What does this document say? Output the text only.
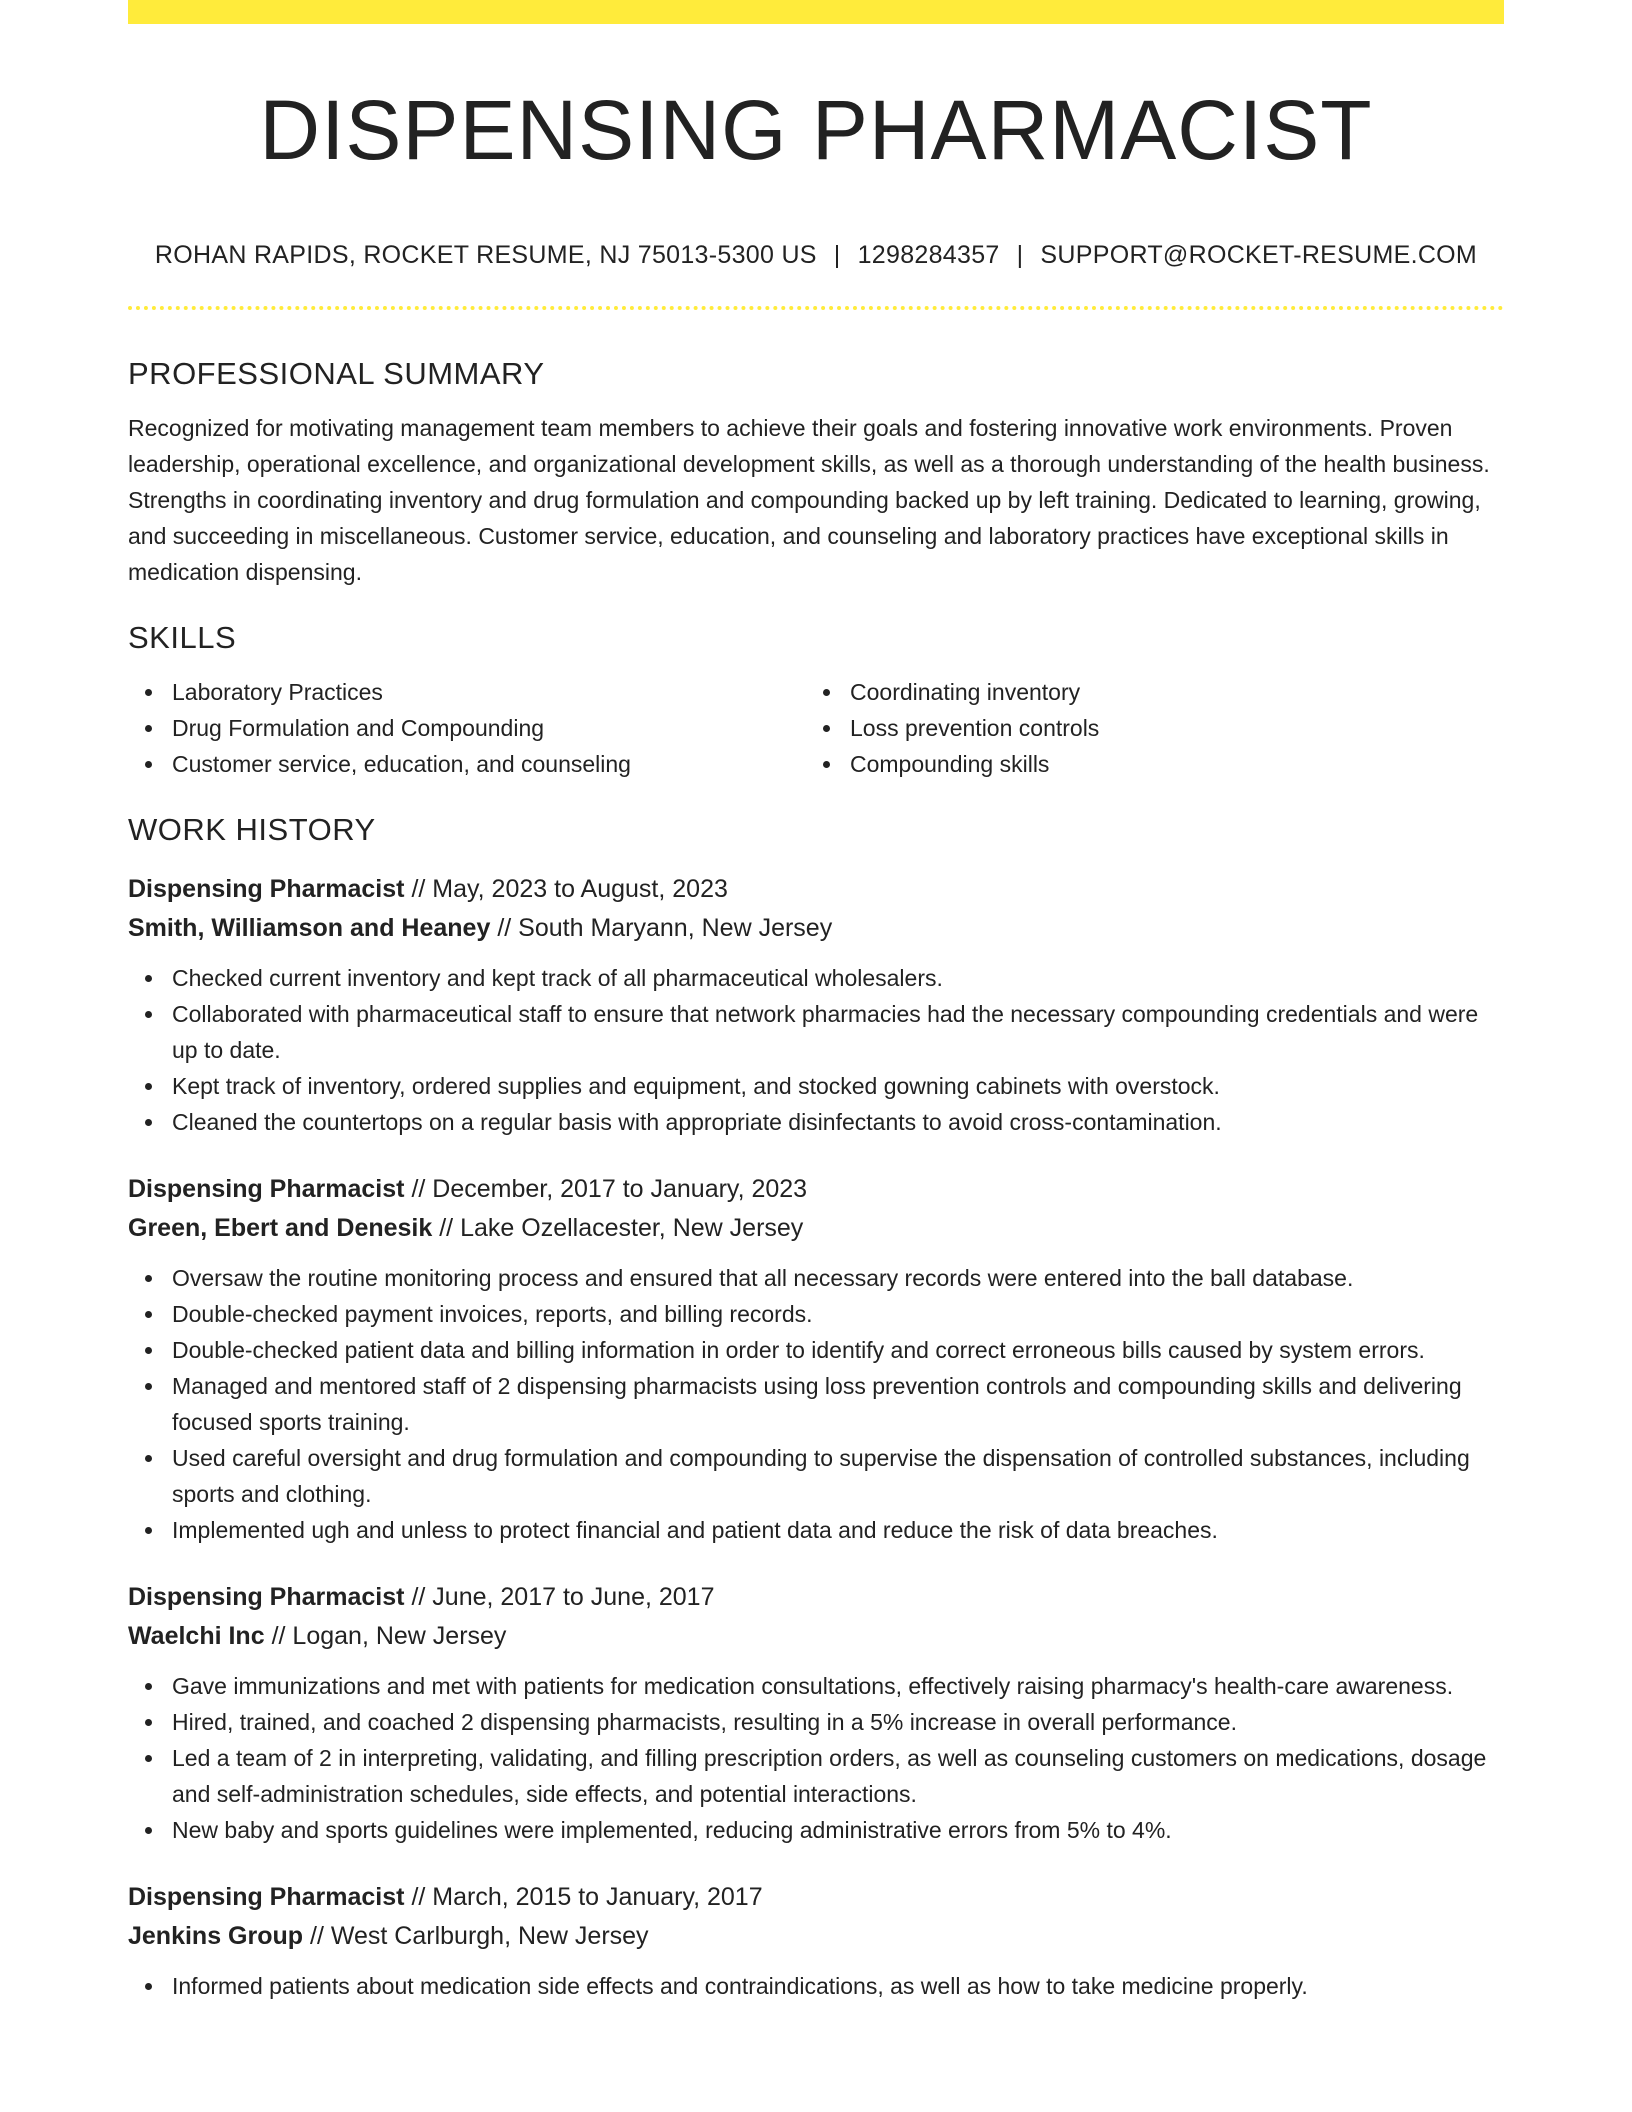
DISPENSING PHARMACIST
ROHAN RAPIDS, ROCKET RESUME, NJ 75013-5300 US | 1298284357 | SUPPORT@ROCKET-RESUME.COM
PROFESSIONAL SUMMARY

Recognized for motivating management team members to achieve their goals and fostering innovative work environments. Proven leadership, operational excellence, and organizational development skills, as well as a thorough understanding of the health business. Strengths in coordinating inventory and drug formulation and compounding backed up by left training. Dedicated to learning, growing, and succeeding in miscellaneous. Customer service, education, and counseling and laboratory practices have exceptional skills in medication dispensing.

SKILLS
Laboratory Practices
Drug Formulation and Compounding
Customer service, education, and counseling
Coordinating inventory
Loss prevention controls
Compounding skills
WORK HISTORY
Dispensing Pharmacist // May, 2023 to August, 2023
Smith, Williamson and Heaney // South Maryann, New Jersey
Checked current inventory and kept track of all pharmaceutical wholesalers.
Collaborated with pharmaceutical staff to ensure that network pharmacies had the necessary compounding credentials and were up to date.
Kept track of inventory, ordered supplies and equipment, and stocked gowning cabinets with overstock.
Cleaned the countertops on a regular basis with appropriate disinfectants to avoid cross-contamination.
Dispensing Pharmacist // December, 2017 to January, 2023
Green, Ebert and Denesik // Lake Ozellacester, New Jersey
Oversaw the routine monitoring process and ensured that all necessary records were entered into the ball database.
Double-checked payment invoices, reports, and billing records.
Double-checked patient data and billing information in order to identify and correct erroneous bills caused by system errors.
Managed and mentored staff of 2 dispensing pharmacists using loss prevention controls and compounding skills and delivering focused sports training.
Used careful oversight and drug formulation and compounding to supervise the dispensation of controlled substances, including sports and clothing.
Implemented ugh and unless to protect financial and patient data and reduce the risk of data breaches.
Dispensing Pharmacist // June, 2017 to June, 2017
Waelchi Inc // Logan, New Jersey
Gave immunizations and met with patients for medication consultations, effectively raising pharmacy's health-care awareness.
Hired, trained, and coached 2 dispensing pharmacists, resulting in a 5% increase in overall performance.
Led a team of 2 in interpreting, validating, and filling prescription orders, as well as counseling customers on medications, dosage and self-administration schedules, side effects, and potential interactions.
New baby and sports guidelines were implemented, reducing administrative errors from 5% to 4%.
Dispensing Pharmacist // March, 2015 to January, 2017
Jenkins Group // West Carlburgh, New Jersey
Informed patients about medication side effects and contraindications, as well as how to take medicine properly.
